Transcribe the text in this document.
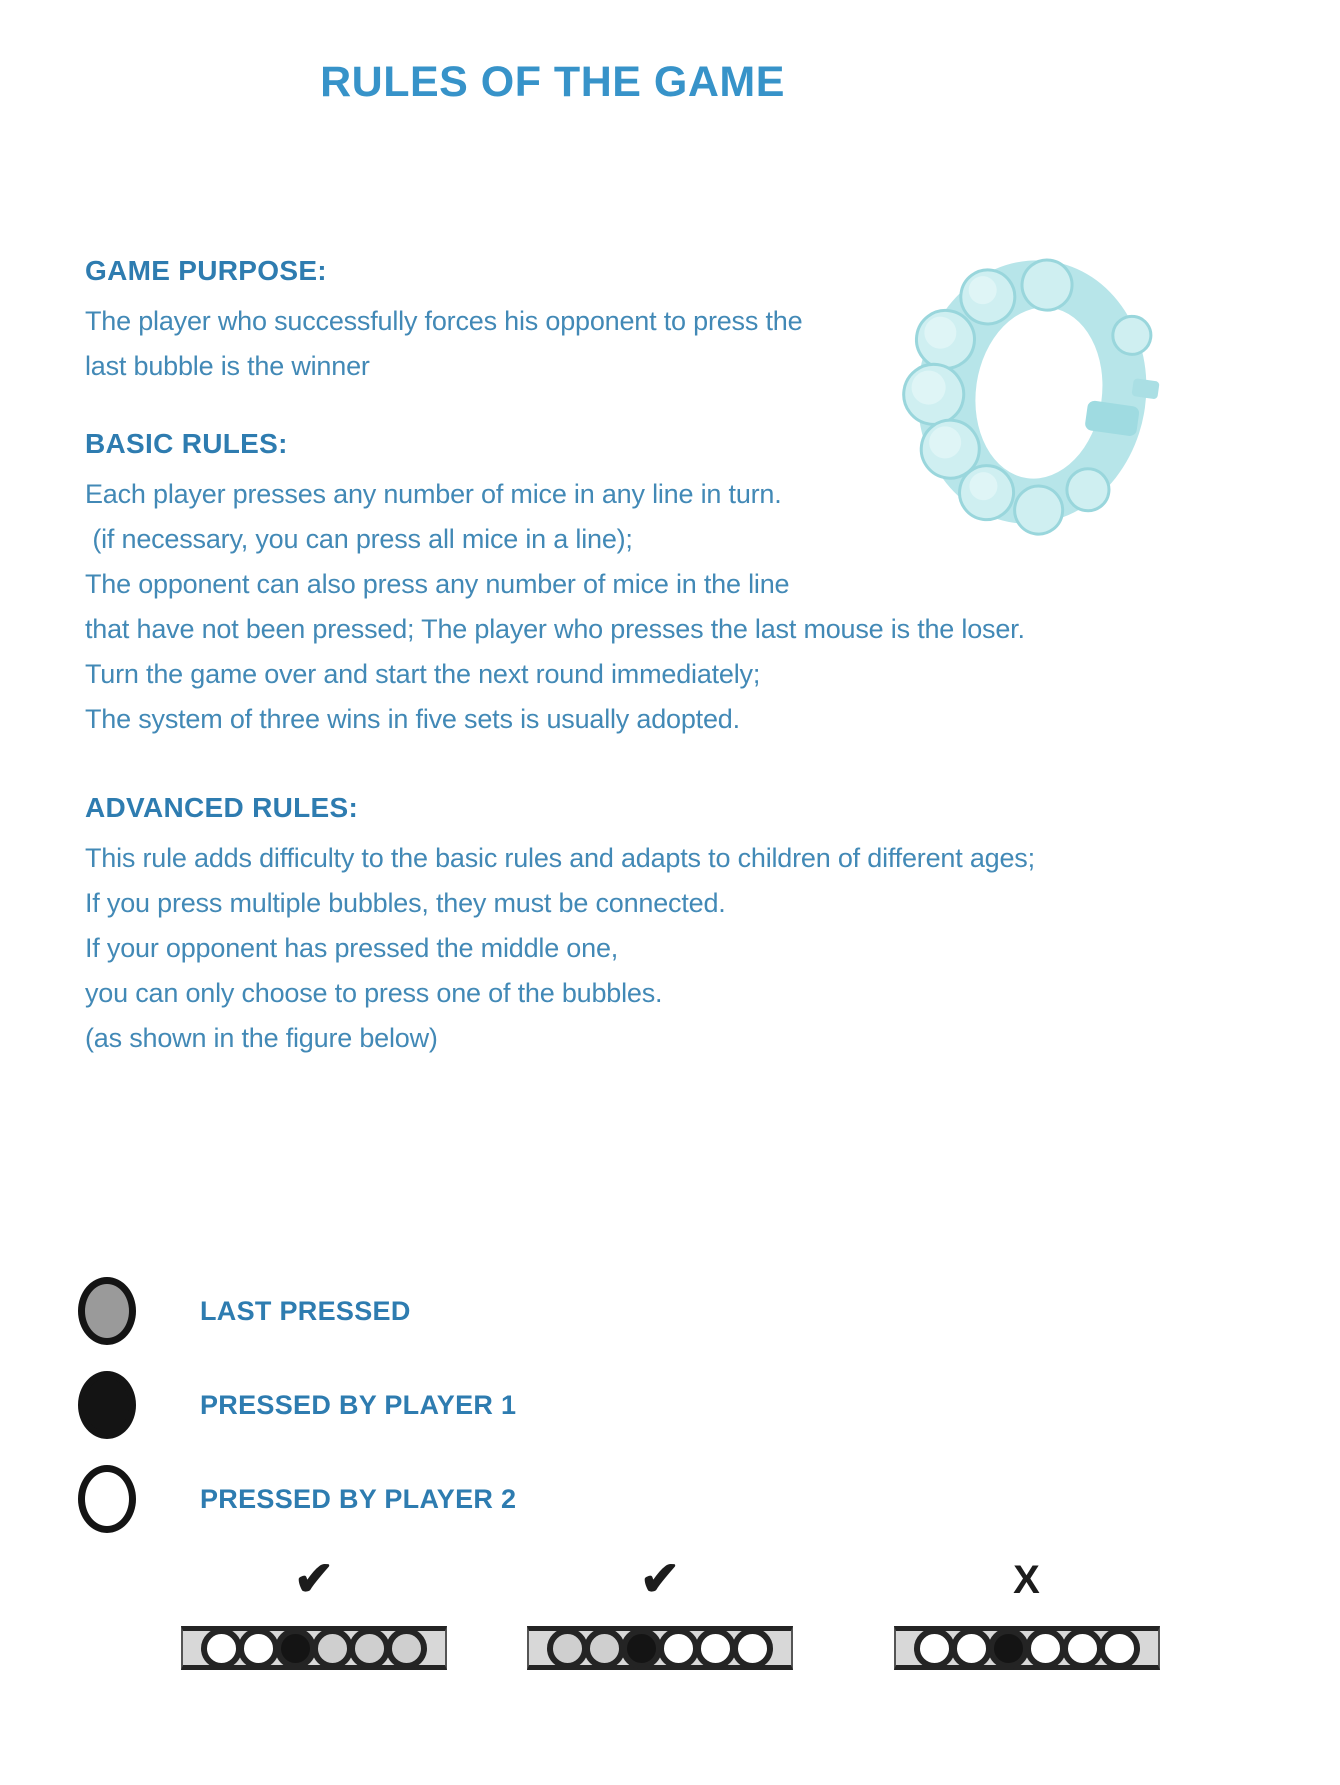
RULES OF THE GAME
GAME PURPOSE:

The player who successfully forces his opponent to press the

last bubble is the winner

BASIC RULES:

Each player presses any number of mice in any line in turn.

(if necessary, you can press all mice in a line);

The opponent can also press any number of mice in the line

that have not been pressed; The player who presses the last mouse is the loser.

Turn the game over and start the next round immediately;

The system of three wins in five sets is usually adopted.

ADVANCED RULES:

This rule adds difficulty to the basic rules and adapts to children of different ages;

If you press multiple bubbles, they must be connected.

If your opponent has pressed the middle one,

you can only choose to press one of the bubbles.

(as shown in the figure below)

LAST PRESSED
PRESSED BY PLAYER 1
PRESSED BY PLAYER 2
✔	✔	X
